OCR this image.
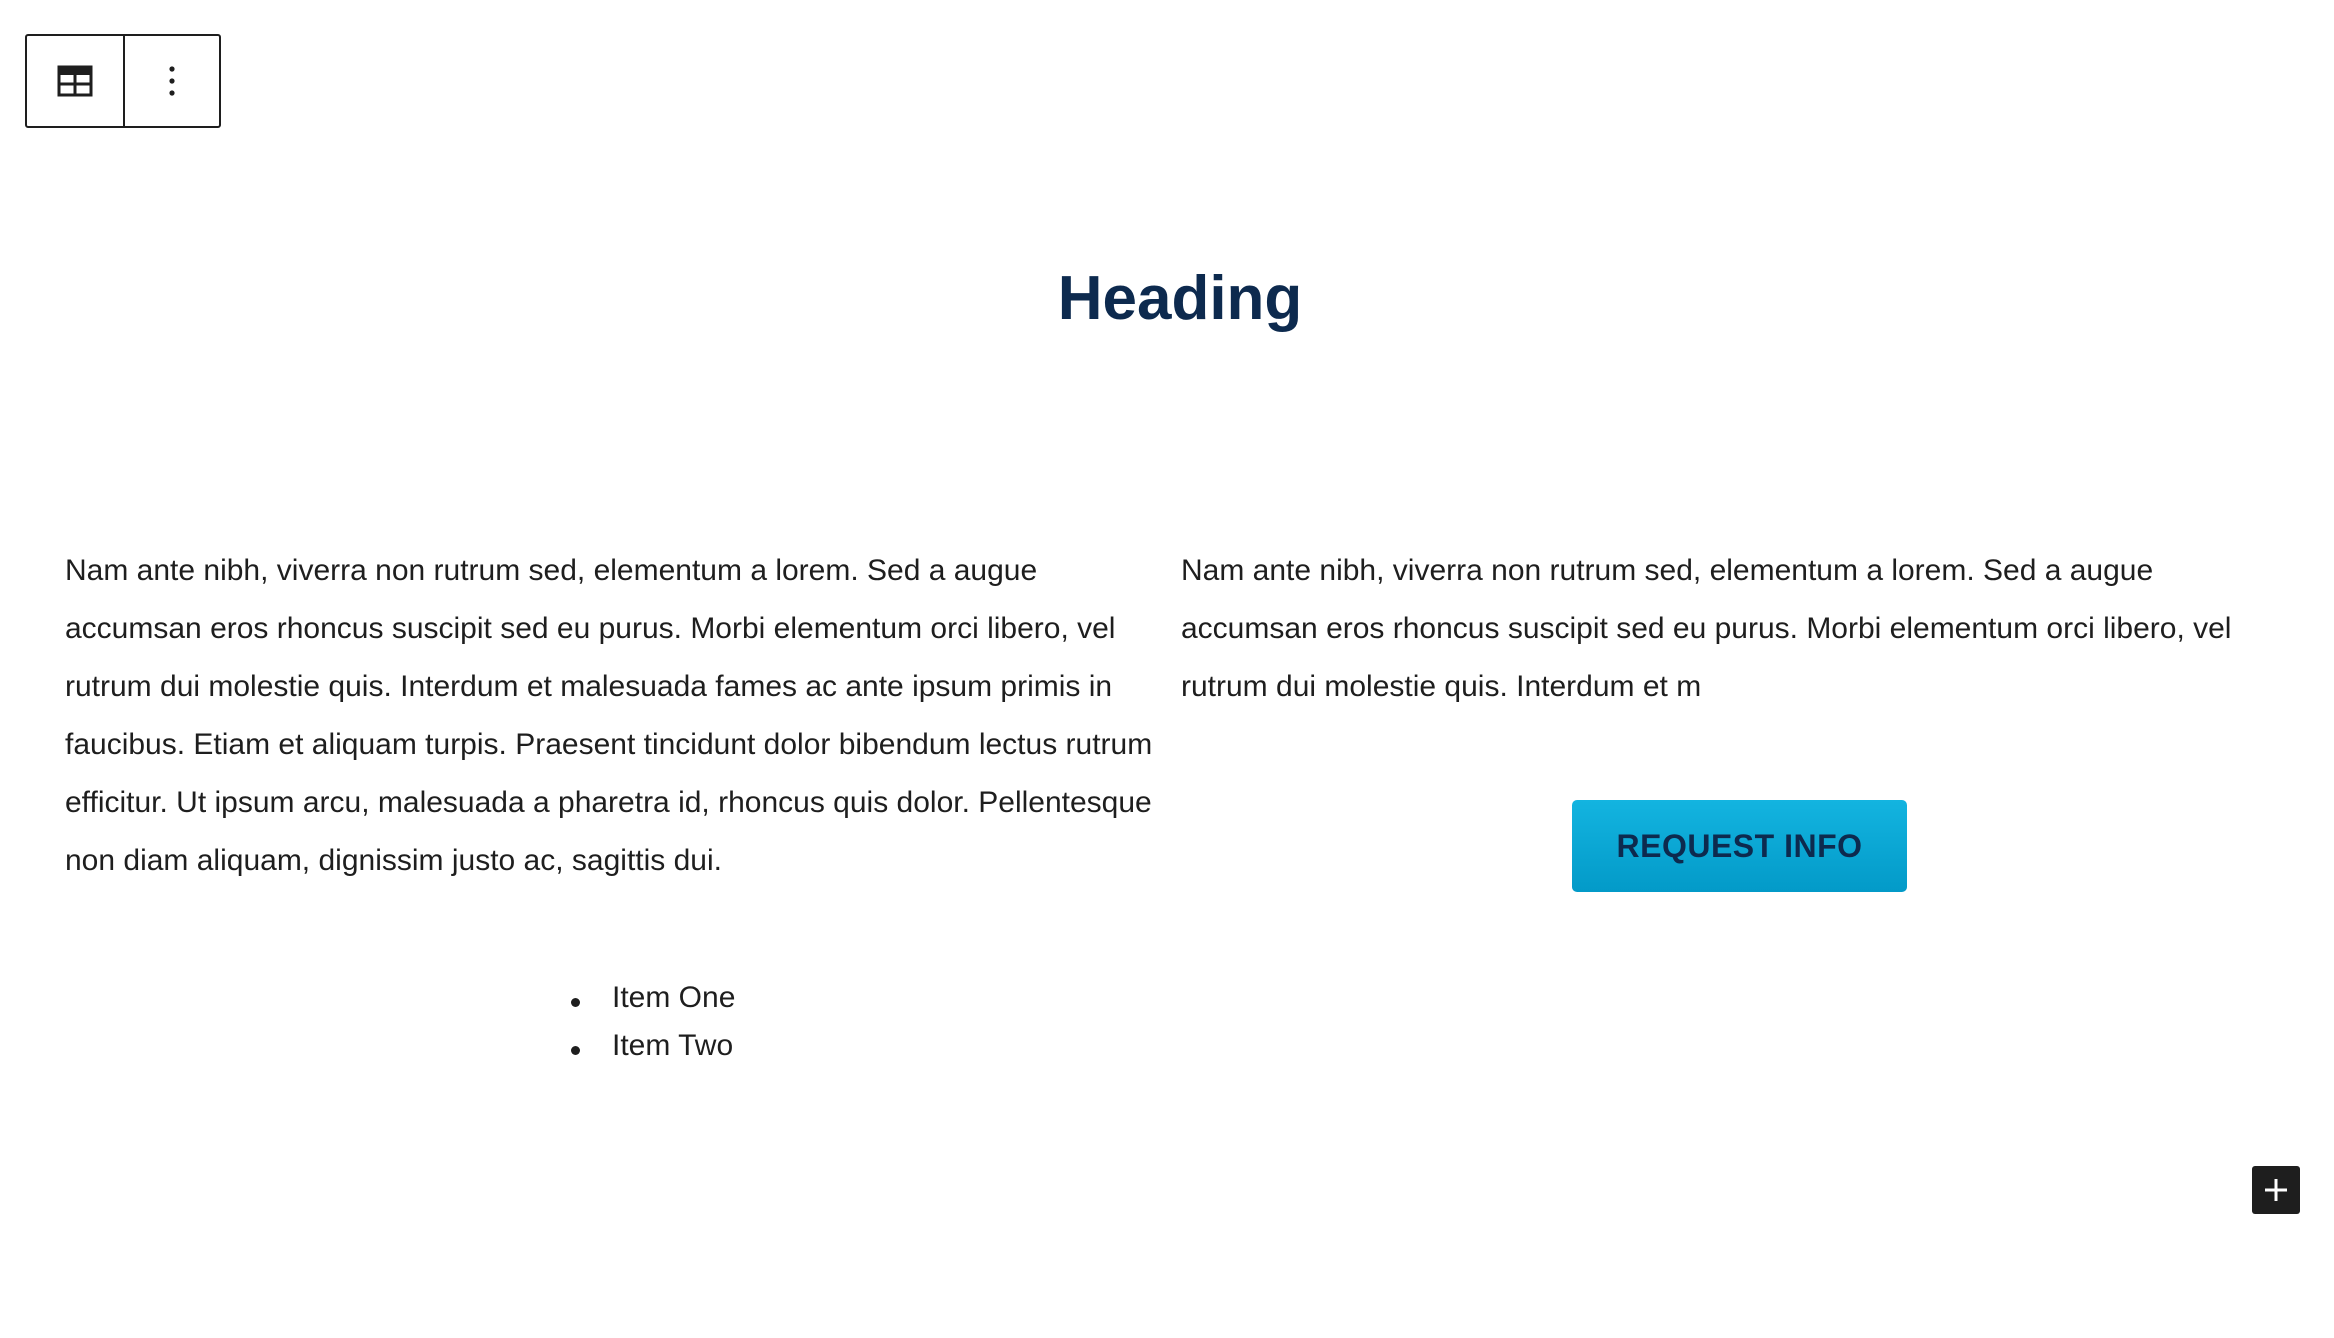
Heading

Nam ante nibh, viverra non rutrum sed, elementum a lorem. Sed a augue accumsan eros rhoncus suscipit sed eu purus. Morbi elementum orci libero, vel rutrum dui molestie quis. Interdum et malesuada fames ac ante ipsum primis in faucibus. Etiam et aliquam turpis. Praesent tincidunt dolor bibendum lectus rutrum efficitur. Ut ipsum arcu, malesuada a pharetra id, rhoncus quis dolor. Pellentesque non diam aliquam, dignissim justo ac, sagittis dui.

Nam ante nibh, viverra non rutrum sed, elementum a lorem. Sed a augue accumsan eros rhoncus suscipit sed eu purus. Morbi elementum orci libero, vel rutrum dui molestie quis. Interdum et m

REQUEST INFO
Item One
Item Two
